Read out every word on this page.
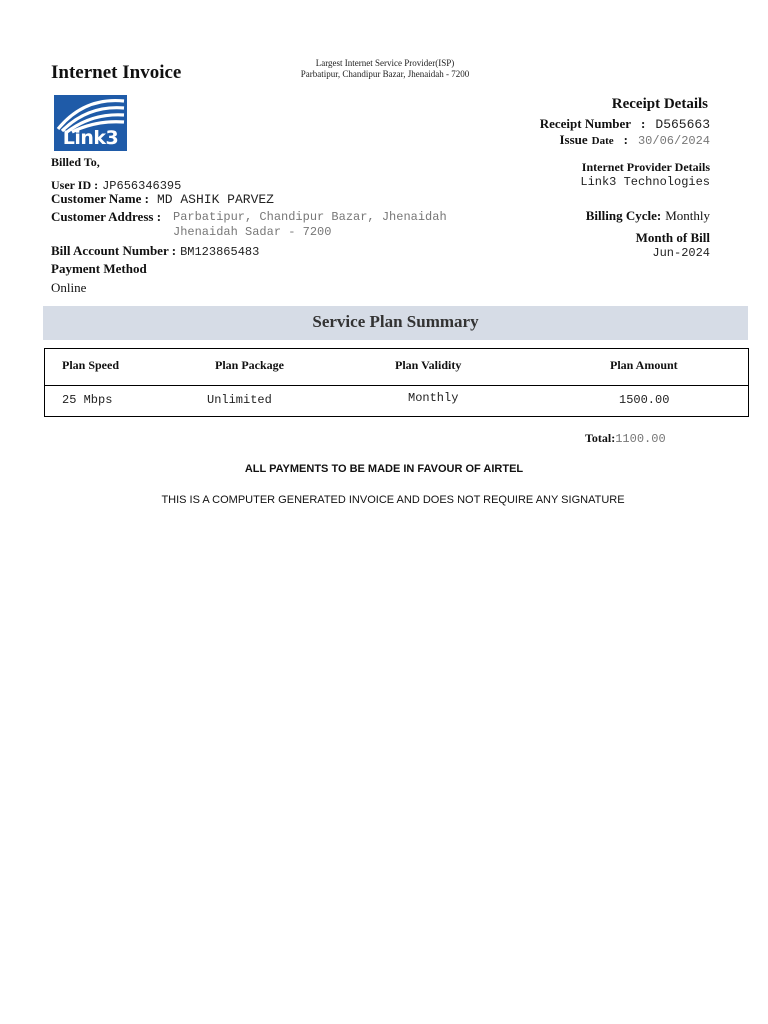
Internet Invoice	Largest Internet Service Provider(ISP)
Parbatipur, Chandipur Bazar, Jhenaidah - 7200
Link3
Billed To,
User ID : JP656346395
Customer Name : MD ASHIK PARVEZ
Customer Address : Parbatipur, Chandipur Bazar, Jhenaidah
Jhenaidah Sadar - 7200
Bill Account Number : BM123865483
Payment Method
Online
Receipt Details
Receipt Number : D565663
Issue Date : 30/06/2024
Internet Provider Details
Link3 Technologies
Billing Cycle: Monthly
Month of Bill
Jun-2024
Service Plan Summary
Plan Speed	Plan Package	Plan Validity	Plan Amount
25 Mbps	Unlimited	Monthly	1500.00
Total:1100.00
ALL PAYMENTS TO BE MADE IN FAVOUR OF AIRTEL
THIS IS A COMPUTER GENERATED INVOICE AND DOES NOT REQUIRE ANY SIGNATURE
